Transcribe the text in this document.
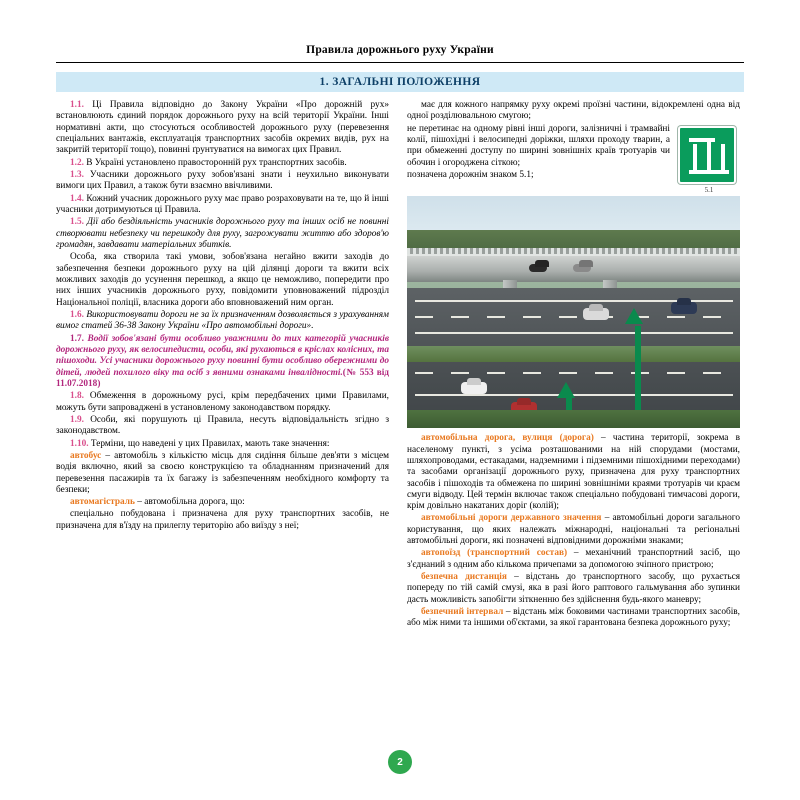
Правила дорожнього руху України
1. ЗАГАЛЬНІ ПОЛОЖЕННЯ

1.1. Ці Правила відповідно до Закону України «Про дорожній рух» встановлюють єдиний порядок дорожнього руху на всій території України. Інші нормативні акти, що стосуються особливостей дорожнього руху (перевезення спеціальних вантажів, експлуатація транспортних засобів окремих видів, рух на закритій території тощо), повинні ґрунтуватися на вимогах цих Правил.

1.2. В Україні установлено правосторонній рух транспортних засобів.

1.3. Учасники дорожнього руху зобов'язані знати і неухильно виконувати вимоги цих Правил, а також бути взаємно ввічливими.

1.4. Кожний учасник дорожнього руху має право розраховувати на те, що й інші учасники дотримуються ці Правила.

1.5. Дії або бездіяльність учасників дорожнього руху та інших осіб не повинні створювати небезпеку чи перешкоду для руху, загрожувати життю або здоров'ю громадян, завдавати матеріальних збитків.

Особа, яка створила такі умови, зобов'язана негайно вжити заходів до забезпечення безпеки дорожнього руху на цій ділянці дороги та вжити всіх можливих заходів до усунення перешкод, а якщо це неможливо, попередити про них інших учасників дорожнього руху, повідомити уповноважений підрозділ Національної поліції, власника дороги або вповноважений ним орган.

1.6. Використовувати дороги не за їх призначенням дозволяється з урахуванням вимог статей 36-38 Закону України «Про автомобільні дороги».

1.7. Водії зобов'язані бути особливо уважними до тих категорій учасників дорожнього руху, як велосипедисти, особи, які рухаються в кріслах колісних, та пішоходи. Усі учасники дорожнього руху повинні бути особливо обережними до дітей, людей похилого віку та осіб з явними ознаками інвалідності.(№ 553 від 11.07.2018)

1.8. Обмеження в дорожньому русі, крім передбачених цими Правилами, можуть бути запроваджені в установленому законодавством порядку.

1.9. Особи, які порушують ці Правила, несуть відповідальність згідно з законодавством.

1.10. Терміни, що наведені у цих Правилах, мають таке значення:

автобус – автомобіль з кількістю місць для сидіння більше дев'яти з місцем водія включно, який за своєю конструкцією та обладнанням призначений для перевезення пасажирів та їх багажу із забезпеченням необхідного комфорту та безпеки;

автомагістраль – автомобільна дорога, що:

спеціально побудована і призначена для руху транспортних засобів, не призначена для в'їзду на прилеглу територію або виїзду з неї;

має для кожного напрямку руху окремі проїзні частини, відокремлені одна від одної розділювальною смугою;

5.1

не перетинає на одному рівні інші дороги, залізничні і трамвайні колії, пішохідні і велосипедні доріжки, шляхи проходу тварин, а при обмеженні доступу по ширині зовнішніх країв тротуарів чи обочин і огороджена сіткою;

позначена дорожнім знаком 5.1;

автомобільна дорога, вулиця (дорога) – частина території, зокрема в населеному пункті, з усіма розташованими на ній спорудами (мостами, шляхопроводами, естакадами, надземними і підземними пішохідними переходами) та засобами організації дорожнього руху, призначена для руху транспортних засобів і пішоходів та обмежена по ширині зовнішніми краями тротуарів чи краєм смуги відводу. Цей термін включає також спеціально побудовані тимчасові дороги, крім довільно накатаних доріг (колій);

автомобільні дороги державного значення – автомобільні дороги загального користування, що яких належать міжнародні, національні та регіональні автомобільні дороги, які позначені відповідними дорожніми знаками;

автопоїзд (транспортний состав) – механічний транспортний засіб, що з'єднаний з одним або кількома причепами за допомогою зчіпного пристрою;

безпечна дистанція – відстань до транспортного засобу, що рухається попереду по тій самій смузі, яка в разі його раптового гальмування або зупинки дасть можливість запобігти зіткненню без здійснення будь-якого маневру;

безпечний інтервал – відстань між боковими частинами транспортних засобів, або між ними та іншими об'єктами, за якої гарантована безпека дорожнього руху;

2
